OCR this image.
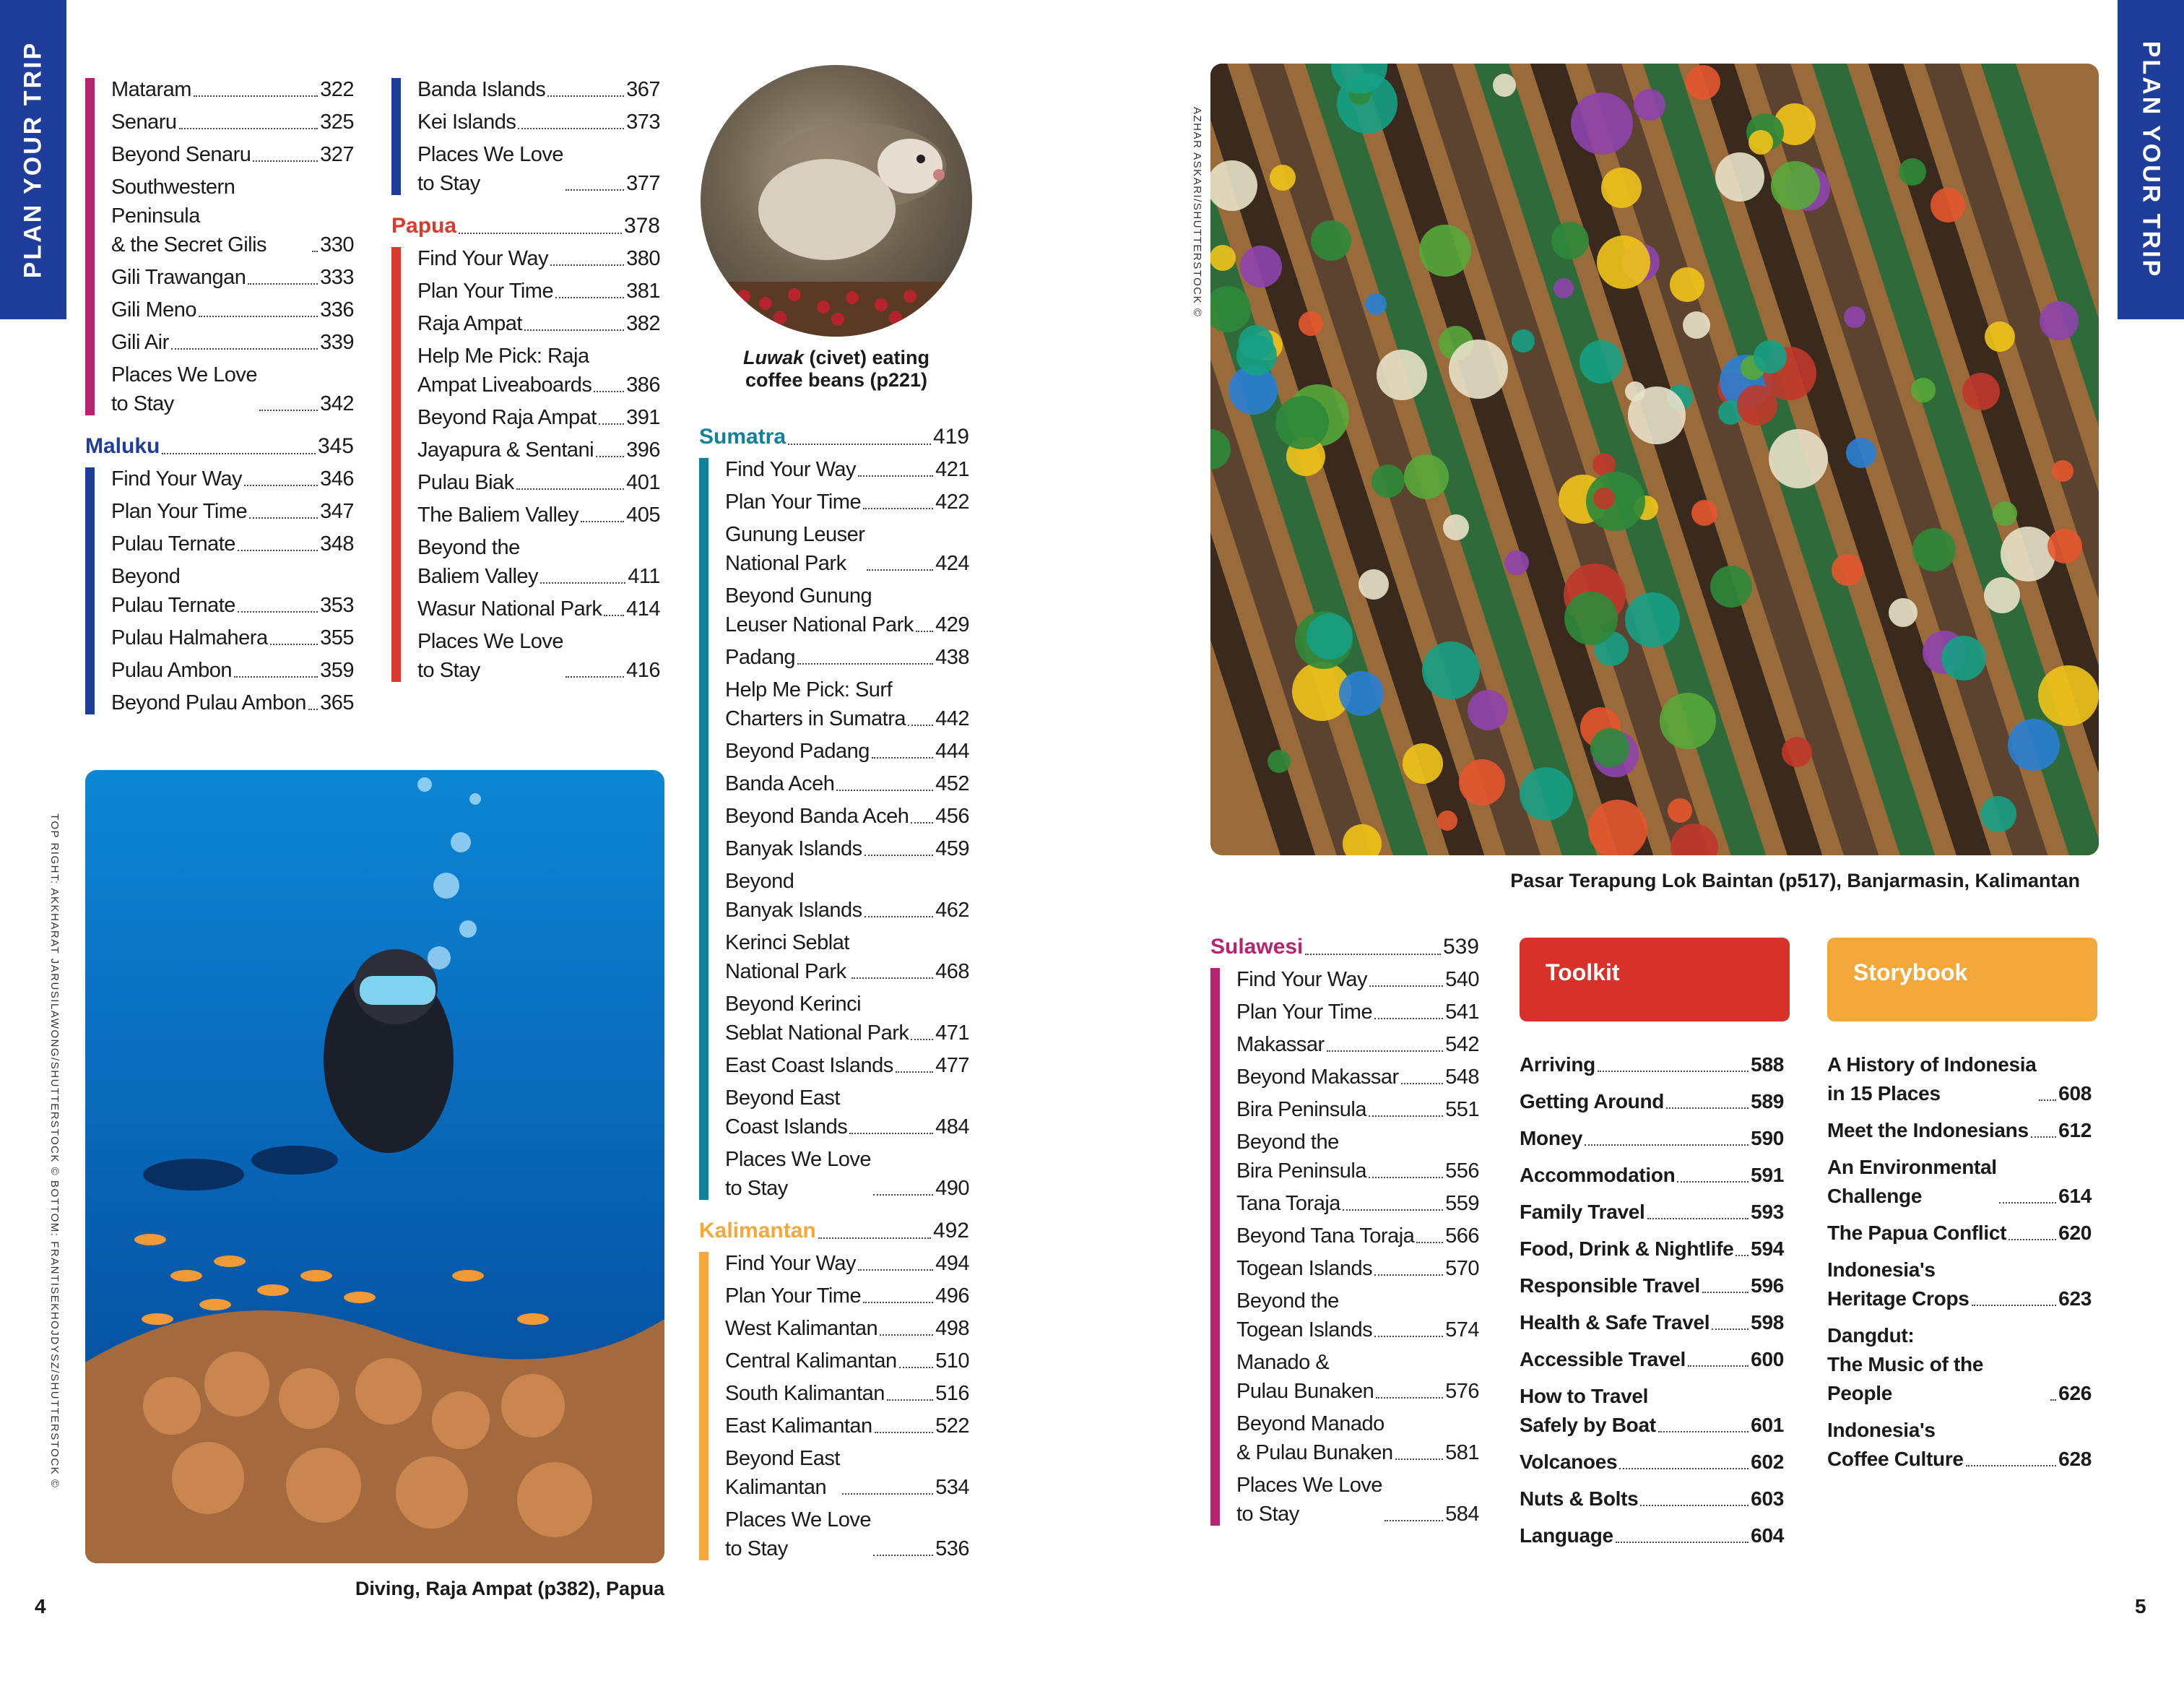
PLAN YOUR TRIP	PLAN YOUR TRIP
Mataram	322
Senaru	325
Beyond Senaru	327
Southwestern Peninsula
& the Secret Gilis	330
Gili Trawangan	333
Gili Meno	336
Gili Air	339
Places We Love
to Stay	342
Maluku	345
Find Your Way	346
Plan Your Time	347
Pulau Ternate	348
Beyond
Pulau Ternate	353
Pulau Halmahera	355
Pulau Ambon	359
Beyond Pulau Ambon 365
Banda Islands	367
Kei Islands	373
Places We Love
to Stay	377
Papua	378
Find Your Way	380
Plan Your Time	381
Raja Ampat	382
Help Me Pick: Raja
Ampat Liveaboards 386
Beyond Raja Ampat 391
Jayapura & Sentani 396
Pulau Biak	401
The Baliem Valley 405
Beyond the
Baliem Valley	411
Wasur National Park 414
Places We Love
to Stay	416
Sumatra	419
Find Your Way	421
Plan Your Time	422
Gunung Leuser
National Park	424
Beyond Gunung
Leuser National Park 429
Padang	438
Help Me Pick: Surf
Charters in Sumatra 442
Beyond Padang	444
Banda Aceh	452
Beyond Banda Aceh 456
Banyak Islands	459
Beyond
Banyak Islands	462
Kerinci Seblat
National Park	468
Beyond Kerinci
Seblat National Park 471
East Coast Islands 477
Beyond East
Coast Islands	484
Places We Love
to Stay	490
Kalimantan	492
Find Your Way	494
Plan Your Time	496
West Kalimantan	498
Central Kalimantan 510
South Kalimantan 516
East Kalimantan	522
Beyond East
Kalimantan	534
Places We Love
to Stay	536
Sulawesi	539
Find Your Way	540
Plan Your Time	541
Makassar	542
Beyond Makassar 548
Bira Peninsula	551
Beyond the
Bira Peninsula	556
Tana Toraja	559
Beyond Tana Toraja 566
Togean Islands	570
Beyond the
Togean Islands	574
Manado &
Pulau Bunaken	576
Beyond Manado
& Pulau Bunaken 581
Places We Love
to Stay	584
Toolkit	Storybook
Arriving	588
Getting Around	589
Money	590
Accommodation	591
Family Travel	593
Food, Drink & Nightlife 594
Responsible Travel	596
Health & Safe Travel 598
Accessible Travel	600
How to Travel
Safely by Boat	601
Volcanoes	602
Nuts & Bolts	603
Language	604
A History of Indonesia
in 15 Places	608
Meet the Indonesians 612
An Environmental
Challenge	614
The Papua Conflict	620
Indonesia's
Heritage Crops	623
Dangdut:
The Music of the People	626
Indonesia's
Coffee Culture	628
Luwak (civet) eating
coffee beans (p221)
Diving, Raja Ampat (p382), Papua
TOP RIGHT: AKKHARAT JARUSILAWONG/SHUTTERSTOCK © BOTTOM: FRANTISEKHOJDYSZ/SHUTTERSTOCK ©	Pasar Terapung Lok Baintan (p517), Banjarmasin, Kalimantan
AZHAR ASKARI/SHUTTERSTOCK ©
4	5
